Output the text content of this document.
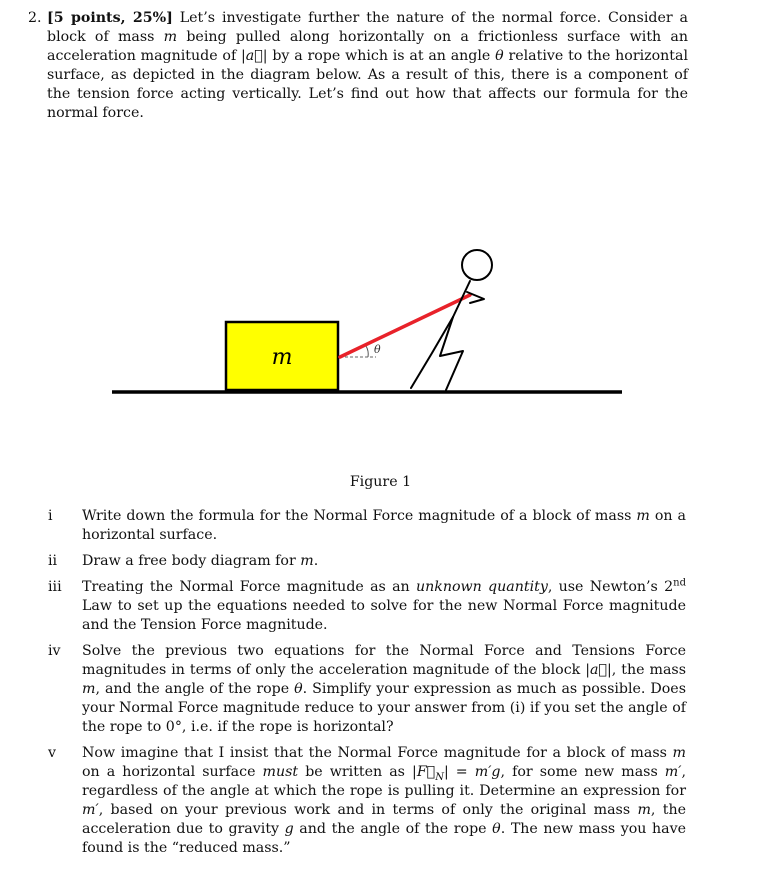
2. [5 points, 25%] Let’s investigate further the nature of the normal force. Consider a block of mass m being pulled along horizontally on a frictionless surface with an acceleration magnitude of |a⃗| by a rope which is at an angle θ relative to the horizontal surface, as depicted in the diagram below. As a result of this, there is a component of the tension force acting vertically. Let’s find out how that affects our formula for the normal force.
m	θ
Figure 1
i	Write down the formula for the Normal Force magnitude of a block of mass m on a horizontal surface.
ii	Draw a free body diagram for m.
iii	Treating the Normal Force magnitude as an unknown quantity, use Newton’s 2nd Law to set up the equations needed to solve for the new Normal Force magnitude and the Tension Force magnitude.
iv	Solve the previous two equations for the Normal Force and Tensions Force magnitudes in terms of only the acceleration magnitude of the block |a⃗|, the mass m, and the angle of the rope θ. Simplify your expression as much as possible. Does your Normal Force magnitude reduce to your answer from (i) if you set the angle of the rope to 0°, i.e. if the rope is horizontal?
v	Now imagine that I insist that the Normal Force magnitude for a block of mass m on a horizontal surface must be written as $|F⃗_N| = m'g$, for some new mass m′, regardless of the angle at which the rope is pulling it. Determine an expression for m′, based on your previous work and in terms of only the original mass m, the acceleration due to gravity g and the angle of the rope θ. The new mass you have found is the “reduced mass.”
